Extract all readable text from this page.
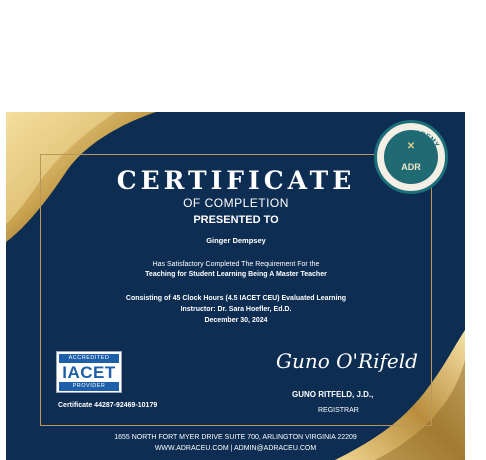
ADR ACADEMY
✕
ADR
CERTIFICATE
OF COMPLETION
PRESENTED TO
Ginger Dempsey
Has Satisfactory Completed The Requirement For the
Teaching for Student Learning Being A Master Teacher
Consisting of 45 Clock Hours (4.5 IACET CEU) Evaluated Learning
Instructor: Dr. Sara Hoefler, Ed.D.
December 30, 2024
ACCREDITED
IACET
PROVIDER
Certificate 44287-92469-10179
Guno O'Rifeld
GUNO RITFELD, J.D.,
REGISTRAR
1655 NORTH FORT MYER DRIVE SUITE 700, ARLINGTON VIRGINIA 22209
WWW.ADRACEU.COM | ADMIN@ADRACEU.COM
